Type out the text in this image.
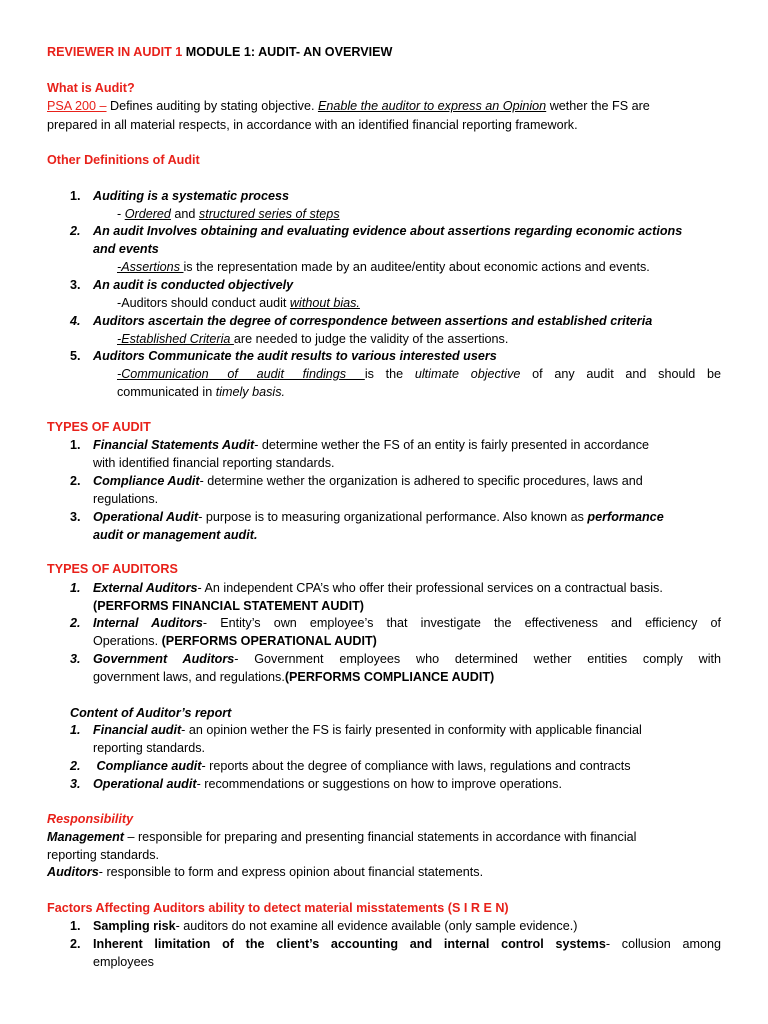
REVIEWER IN AUDIT 1 MODULE 1: AUDIT- AN OVERVIEW
What is Audit?
PSA 200 – Defines auditing by stating objective. Enable the auditor to express an Opinion wether the FS are
prepared in all material respects, in accordance with an identified financial reporting framework.
Other Definitions of Audit
1. Auditing is a systematic process
- Ordered and structured series of steps
2. An audit Involves obtaining and evaluating evidence about assertions regarding economic actions
and events
-Assertions is the representation made by an auditee/entity about economic actions and events.
3. An audit is conducted objectively
-Auditors should conduct audit without bias.
4. Auditors ascertain the degree of correspondence between assertions and established criteria
-Established Criteria are needed to judge the validity of the assertions.
5. Auditors Communicate the audit results to various interested users
-Communication of audit findings is the ultimate objective of any audit and should be
communicated in timely basis.
TYPES OF AUDIT
1. Financial Statements Audit- determine wether the FS of an entity is fairly presented in accordance
with identified financial reporting standards.
2. Compliance Audit- determine wether the organization is adhered to specific procedures, laws and
regulations.
3. Operational Audit- purpose is to measuring organizational performance. Also known as performance
audit or management audit.
TYPES OF AUDITORS
1. External Auditors- An independent CPA’s who offer their professional services on a contractual basis.
(PERFORMS FINANCIAL STATEMENT AUDIT)
2. Internal Auditors- Entity’s own employee’s that investigate the effectiveness and efficiency of
Operations. (PERFORMS OPERATIONAL AUDIT)
3. Government Auditors- Government employees who determined wether entities comply with
government laws, and regulations.(PERFORMS COMPLIANCE AUDIT)
Content of Auditor’s report
1. Financial audit- an opinion wether the FS is fairly presented in conformity with applicable financial
reporting standards.
2. Compliance audit- reports about the degree of compliance with laws, regulations and contracts
3. Operational audit- recommendations or suggestions on how to improve operations.
Responsibility
Management – responsible for preparing and presenting financial statements in accordance with financial
reporting standards.
Auditors- responsible to form and express opinion about financial statements.
Factors Affecting Auditors ability to detect material misstatements (S I R E N)
1. Sampling risk- auditors do not examine all evidence available (only sample evidence.)
2. Inherent limitation of the client’s accounting and internal control systems- collusion among
employees
